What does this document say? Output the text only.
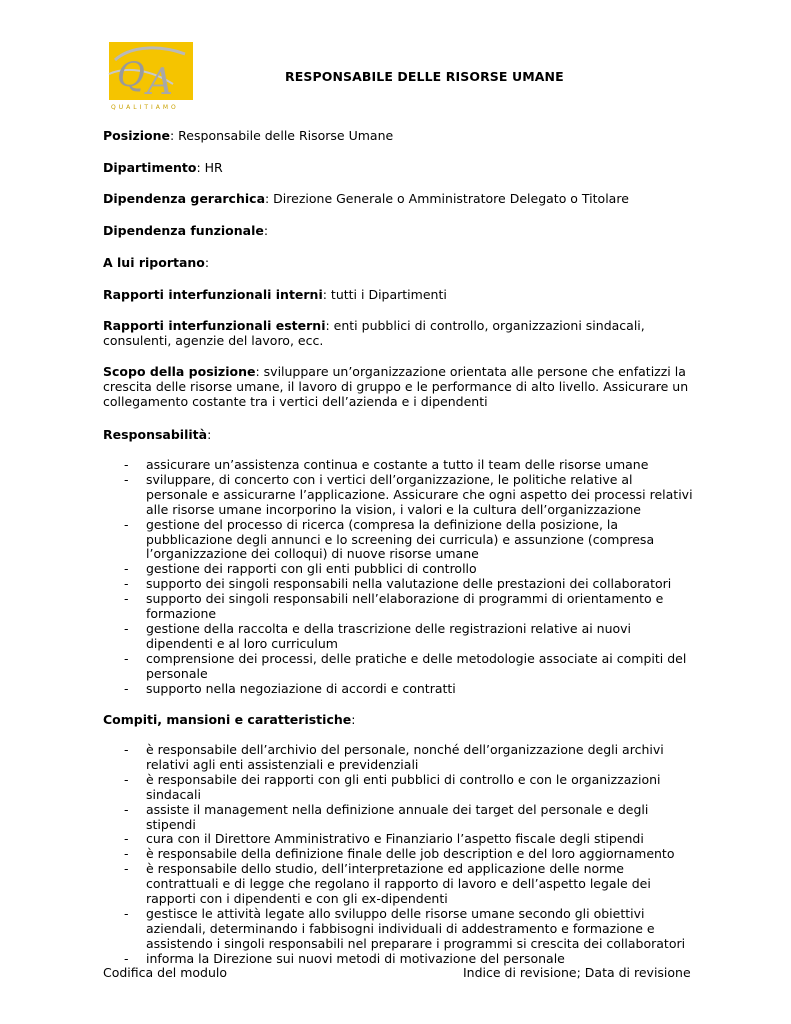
Q A
QUALITIAMO
RESPONSABILE DELLE RISORSE UMANE
Posizione: Responsabile delle Risorse Umane
Dipartimento: HR
Dipendenza gerarchica: Direzione Generale o Amministratore Delegato o Titolare
Dipendenza funzionale:
A lui riportano:
Rapporti interfunzionali interni: tutti i Dipartimenti
Rapporti interfunzionali esterni: enti pubblici di controllo, organizzazioni sindacali, consulenti, agenzie del lavoro, ecc.
Scopo della posizione: sviluppare un’organizzazione orientata alle persone che enfatizzi la crescita delle risorse umane, il lavoro di gruppo e le performance di alto livello. Assicurare un collegamento costante tra i vertici dell’azienda e i dipendenti
Responsabilità:
- assicurare un’assistenza continua e costante a tutto il team delle risorse umane
- sviluppare, di concerto con i vertici dell’organizzazione, le politiche relative al personale e assicurarne l’applicazione. Assicurare che ogni aspetto dei processi relativi alle risorse umane incorporino la vision, i valori e la cultura dell’organizzazione
- gestione del processo di ricerca (compresa la definizione della posizione, la pubblicazione degli annunci e lo screening dei curricula) e assunzione (compresa l’organizzazione dei colloqui) di nuove risorse umane
- gestione dei rapporti con gli enti pubblici di controllo
- supporto dei singoli responsabili nella valutazione delle prestazioni dei collaboratori
- supporto dei singoli responsabili nell’elaborazione di programmi di orientamento e formazione
- gestione della raccolta e della trascrizione delle registrazioni relative ai nuovi dipendenti e al loro curriculum
- comprensione dei processi, delle pratiche e delle metodologie associate ai compiti del personale
- supporto nella negoziazione di accordi e contratti
Compiti, mansioni e caratteristiche:
- è responsabile dell’archivio del personale, nonché dell’organizzazione degli archivi relativi agli enti assistenziali e previdenziali
- è responsabile dei rapporti con gli enti pubblici di controllo e con le organizzazioni sindacali
- assiste il management nella definizione annuale dei target del personale e degli stipendi
- cura con il Direttore Amministrativo e Finanziario l’aspetto fiscale degli stipendi
- è responsabile della definizione finale delle job description e del loro aggiornamento
- è responsabile dello studio, dell’interpretazione ed applicazione delle norme contrattuali e di legge che regolano il rapporto di lavoro e dell’aspetto legale dei rapporti con i dipendenti e con gli ex-dipendenti
- gestisce le attività legate allo sviluppo delle risorse umane secondo gli obiettivi aziendali, determinando i fabbisogni individuali di addestramento e formazione e assistendo i singoli responsabili nel preparare i programmi si crescita dei collaboratori
- informa la Direzione sui nuovi metodi di motivazione del personale
Codifica del modulo	Indice di revisione; Data di revisione
